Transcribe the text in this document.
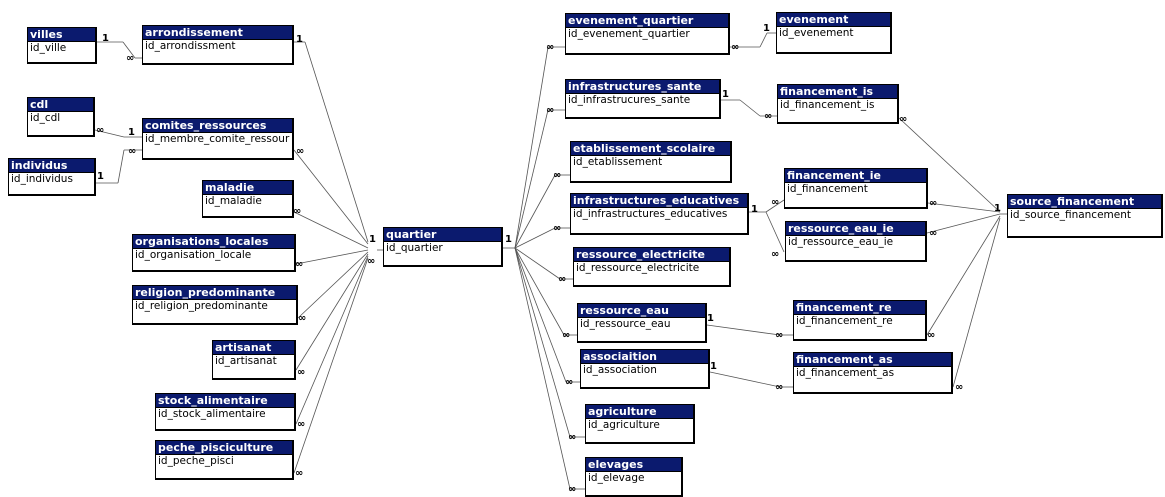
villes
id_ville
arrondissement
id_arrondissment
cdl
id_cdl
comites_ressources
id_membre_comite_ressour
individus
id_individus
maladie
id_maladie
organisations_locales
id_organisation_locale
religion_predominante
id_religion_predominante
artisanat
id_artisanat
stock_alimentaire
id_stock_alimentaire
peche_pisciculture
id_peche_pisci
quartier
id_quartier
evenement_quartier
id_evenement_quartier
infrastructures_sante
id_infrastrucures_sante
etablissement_scolaire
id_etablissement
infrastructures_educatives
id_infrastructures_educatives
ressource_electricite
id_ressource_electricite
ressource_eau
id_ressource_eau
associaition
id_association
agriculture
id_agriculture
elevages
id_elevage
evenement
id_evenement
financement_is
id_financement_is
financement_ie
id_financement
ressource_eau_ie
id_ressource_eau_ie
financement_re
id_financement_re
financement_as
id_financement_as
source_financement
id_source_financement
1
∞
1
∞ 1
∞
1
∞
∞
∞
∞
∞
∞
∞
1
∞
1
∞	∞
1
∞
1
∞	∞
∞
∞
1
∞
∞
∞
∞
1
∞
∞
1
∞	∞
∞
1
∞	∞
∞
∞
